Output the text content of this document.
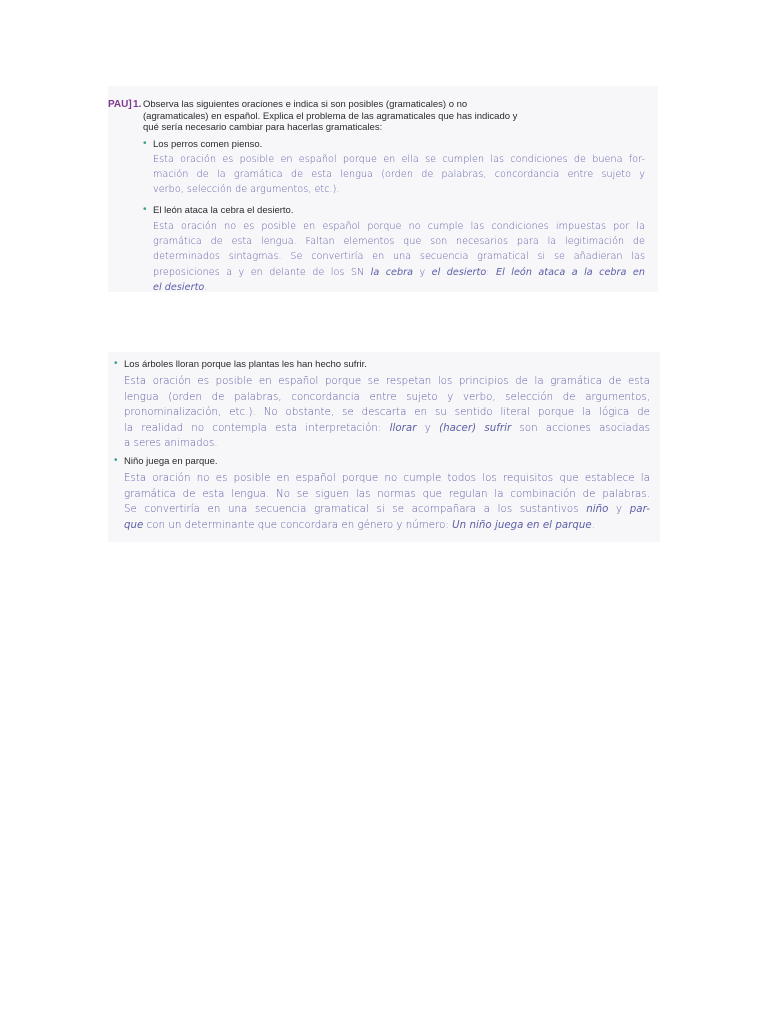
PAU] 1. Observa las siguientes oraciones e indica si son posibles (gramaticales) o no (agramaticales) en español. Explica el problema de las agramaticales que has indicado y qué sería necesario cambiar para hacerlas gramaticales:
• Los perros comen pienso.
Esta oración es posible en español porque en ella se cumplen las condiciones de buena for-
mación de la gramática de esta lengua (orden de palabras, concordancia entre sujeto y
verbo, selección de argumentos, etc.).
• El león ataca la cebra el desierto.
Esta oración no es posible en español porque no cumple las condiciones impuestas por la
gramática de esta lengua. Faltan elementos que son necesarios para la legitimación de
determinados sintagmas. Se convertiría en una secuencia gramatical si se añadieran las
preposiciones a y en delante de los SN la cebra y el desierto: El león ataca a la cebra en
el desierto.
• Los árboles lloran porque las plantas les han hecho sufrir.
Esta oración es posible en español porque se respetan los principios de la gramática de esta
lengua (orden de palabras, concordancia entre sujeto y verbo, selección de argumentos,
pronominalización, etc.). No obstante, se descarta en su sentido literal porque la lógica de
la realidad no contempla esta interpretación: llorar y (hacer) sufrir son acciones asociadas
a seres animados.
• Niño juega en parque.
Esta oración no es posible en español porque no cumple todos los requisitos que establece la
gramática de esta lengua. No se siguen las normas que regulan la combinación de palabras.
Se convertiría en una secuencia gramatical si se acompañara a los sustantivos niño y par-
que con un determinante que concordara en género y número: Un niño juega en el parque.
